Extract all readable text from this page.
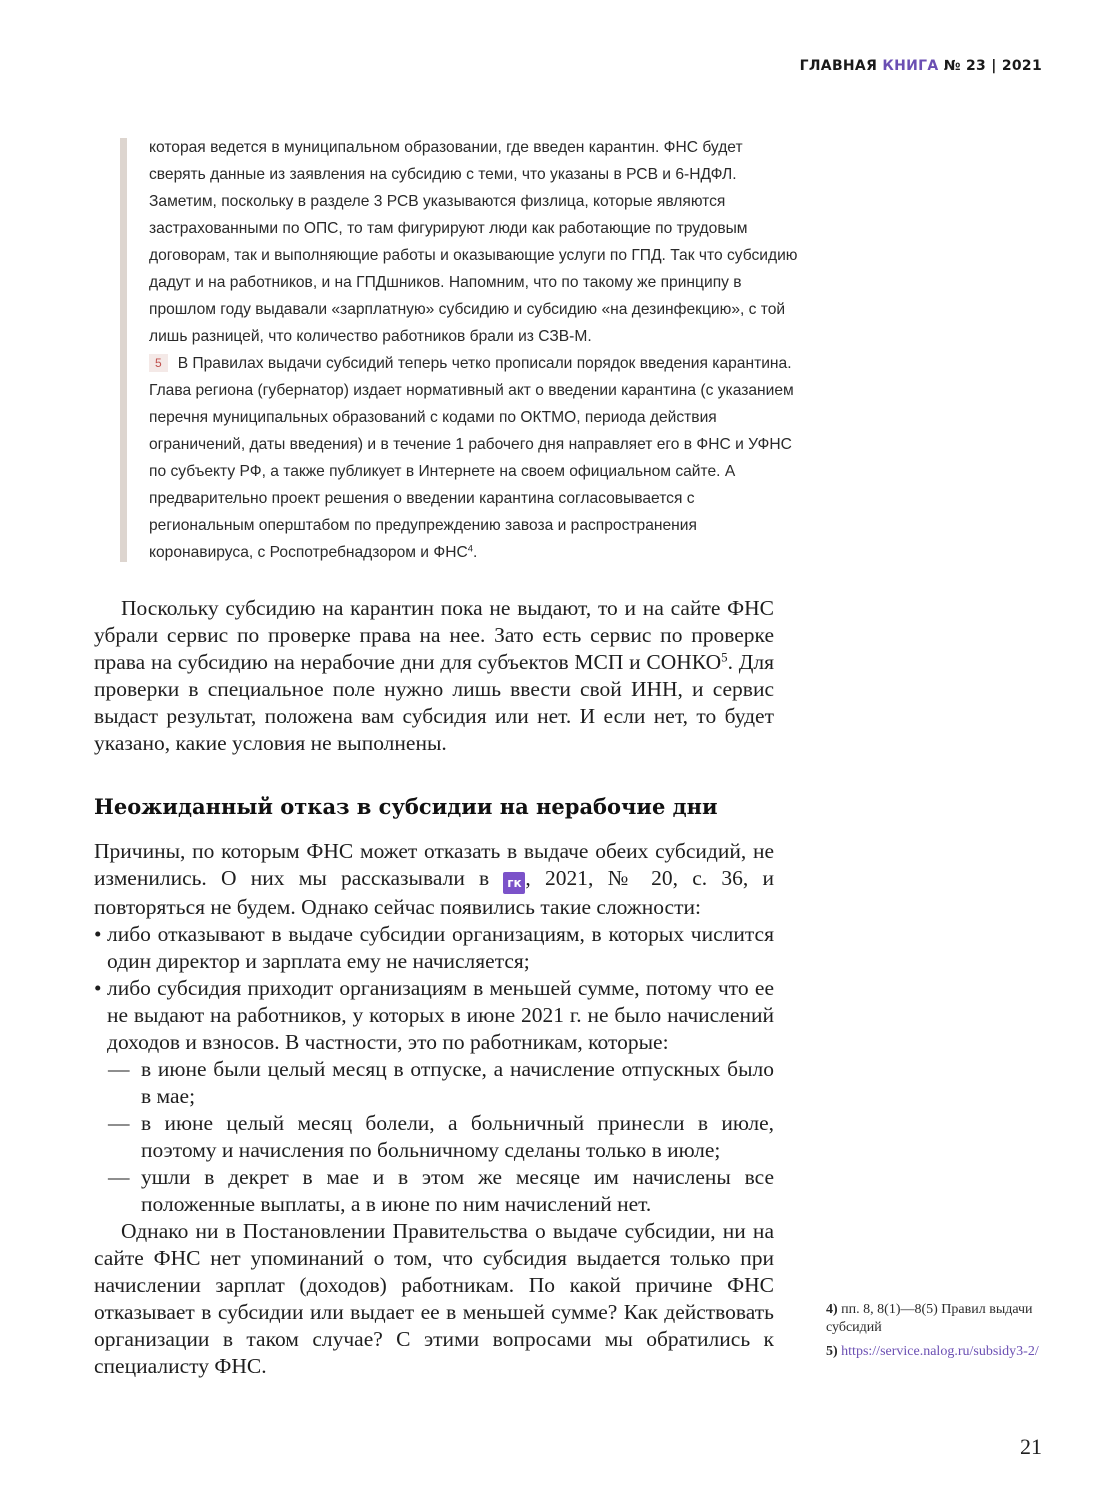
ГЛАВНАЯ КНИГА № 23 | 2021

которая ведется в муниципальном образовании, где введен карантин. ФНС будет сверять данные из заявления на субсидию с теми, что указаны в РСВ и 6-НДФЛ. Заметим, поскольку в разделе 3 РСВ указываются физлица, которые являются застрахованными по ОПС, то там фигурируют люди как работающие по трудовым договорам, так и выполняющие работы и оказывающие услуги по ГПД. Так что субсидию дадут и на работников, и на ГПДшников. Напомним, что по такому же принципу в прошлом году выдавали «зарплатную» субсидию и субсидию «на дезинфекцию», с той лишь разницей, что количество работников брали из СЗВ-М.

5 В Правилах выдачи субсидий теперь четко прописали порядок введения карантина. Глава региона (губернатор) издает нормативный акт о введении карантина (с указанием перечня муниципальных образований с кодами по ОКТМО, периода действия ограничений, даты введения) и в течение 1 рабочего дня направляет его в ФНС и УФНС по субъекту РФ, а также публикует в Интернете на своем официальном сайте. А предварительно проект решения о введении карантина согласовывается с региональным оперштабом по предупреждению завоза и распространения коронавируса, с Роспотребнадзором и ФНС$^4$.

Поскольку субсидию на карантин пока не выдают, то и на сайте ФНС убрали сервис по проверке права на нее. Зато есть сервис по проверке права на субсидию на нерабочие дни для субъектов МСП и СОНКО$^5$. Для проверки в специальное поле нужно лишь ввести свой ИНН, и сервис выдаст результат, положена вам субсидия или нет. И если нет, то будет указано, какие условия не выполнены.

Неожиданный отказ в субсидии на нерабочие дни

Причины, по которым ФНС может отказать в выдаче обеих субсидий, не изменились. О них мы рассказывали в гк , 2021, № 20, с. 36, и повторяться не будем. Однако сейчас появились такие сложности:

• либо отказывают в выдаче субсидии организациям, в которых числится один директор и зарплата ему не начисляется;

• либо субсидия приходит организациям в меньшей сумме, потому что ее не выдают на работников, у которых в июне 2021 г. не было начислений доходов и взносов. В частности, это по работникам, которые:

— в июне были целый месяц в отпуске, а начисление отпускных было в мае;

— в июне целый месяц болели, а больничный принесли в июле, поэтому и начисления по больничному сделаны только в июле;

— ушли в декрет в мае и в этом же месяце им начислены все положенные выплаты, а в июне по ним начислений нет.

Однако ни в Постановлении Правительства о выдаче субсидии, ни на сайте ФНС нет упоминаний о том, что субсидия выдается только при начислении зарплат (доходов) работникам. По какой причине ФНС отказывает в субсидии или выдает ее в меньшей сумме? Как действовать организации в таком случае? С этими вопросами мы обратились к специалисту ФНС.

4) пп. 8, 8(1)—8(5) Правил выдачи субсидий
5) https://service.nalog.ru/subsidy3-2/
21
